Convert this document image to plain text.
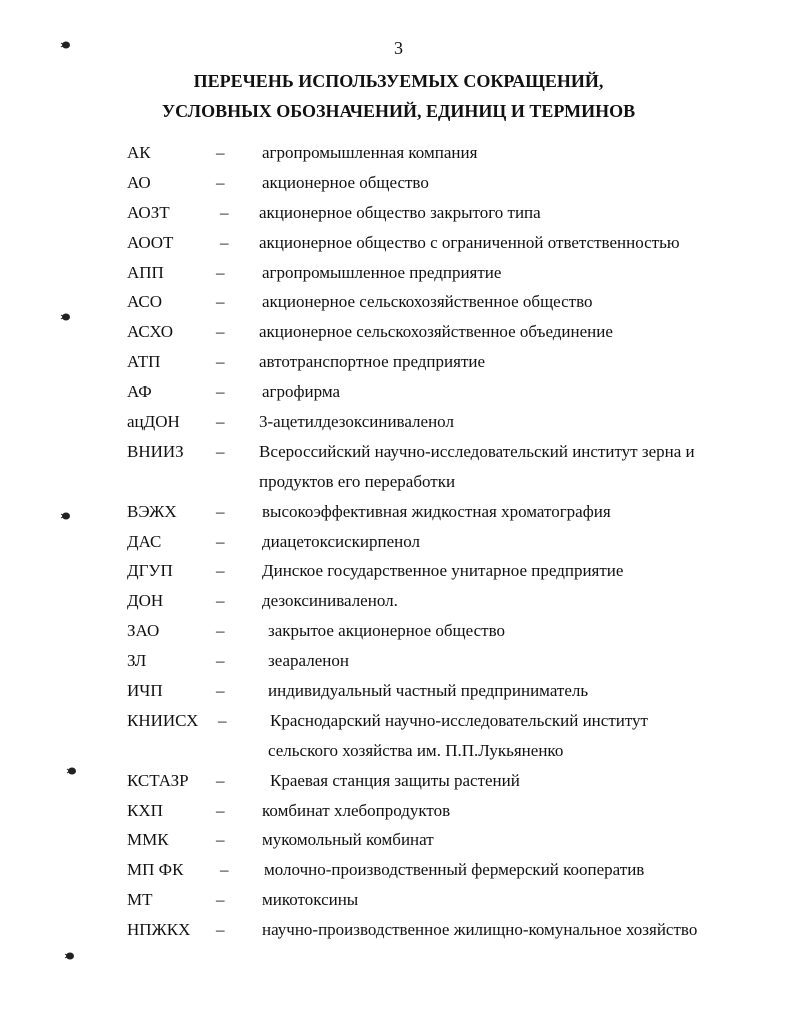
3
ПЕРЕЧЕНЬ ИСПОЛЬЗУЕМЫХ СОКРАЩЕНИЙ,
УСЛОВНЫХ ОБОЗНАЧЕНИЙ, ЕДИНИЦ И ТЕРМИНОВ
АК	– агропромышленная компания
АО	– акционерное общество
АОЗТ	– акционерное общество закрытого типа
АООТ	– акционерное общество с ограниченной ответственностью
АПП	– агропромышленное предприятие
АСО	– акционерное сельскохозяйственное общество
АСХО	– акционерное сельскохозяйственное объединение
АТП	– автотранспортное предприятие
АФ	– агрофирма
ацДОН – 3-ацетилдезоксиниваленол
ВНИИЗ – Всероссийский научно-исследовательский институт зерна и
продуктов его переработки
ВЭЖХ – высокоэффективная жидкостная хроматография
ДАС	– диацетоксискирпенол
ДГУП	– Динское государственное унитарное предприятие
ДОН	– дезоксиниваленол.
ЗАО	–	закрытое акционерное общество
ЗЛ	–	зеараленон
ИЧП	–	индивидуальный частный предприниматель
КНИИСХ –	Краснодарский научно-исследовательский институт
сельского хозяйства им. П.П.Лукьяненко
КСТАЗР –	Краевая станция защиты растений
КХП	– комбинат хлебопродуктов
ММК	– мукомольный комбинат
МП ФК – молочно-производственный фермерский кооператив
МТ	– микотоксины
НПЖКХ – научно-производственное жилищно-комунальное хозяйство
